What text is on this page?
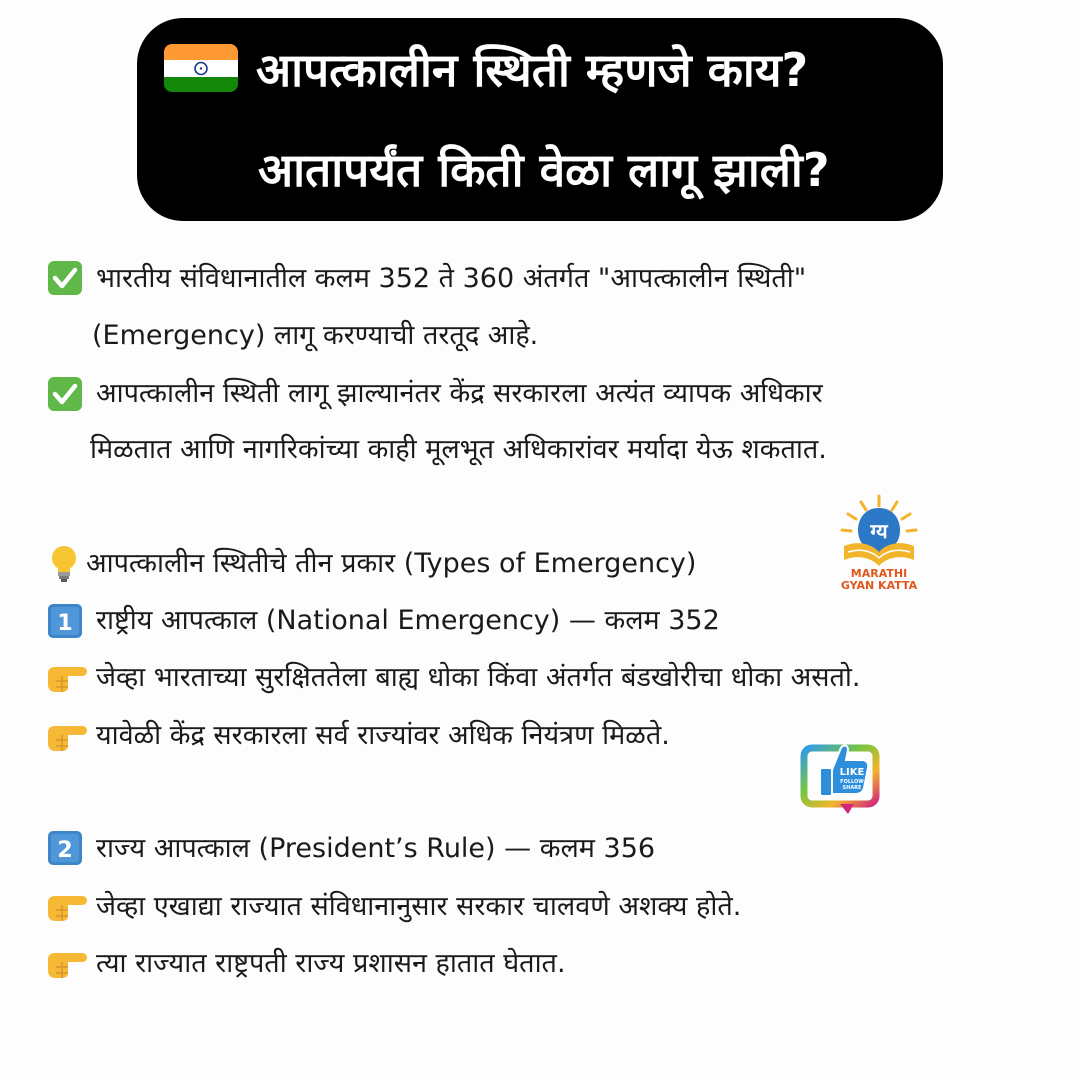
आपत्कालीन स्थिती म्हणजे काय?
आतापर्यंत किती वेळा लागू झाली?
भारतीय संविधानातील कलम 352 ते 360 अंतर्गत "आपत्कालीन स्थिती"
(Emergency) लागू करण्याची तरतूद आहे.
आपत्कालीन स्थिती लागू झाल्यानंतर केंद्र सरकारला अत्यंत व्यापक अधिकार
मिळतात आणि नागरिकांच्या काही मूलभूत अधिकारांवर मर्यादा येऊ शकतात.
आपत्कालीन स्थितीचे तीन प्रकार (Types of Emergency)
ग्य
MARATHI
GYAN KATTA
1 राष्ट्रीय आपत्काल (National Emergency) — कलम 352
जेव्हा भारताच्या सुरक्षिततेला बाह्य धोका किंवा अंतर्गत बंडखोरीचा धोका असतो.
यावेळी केंद्र सरकारला सर्व राज्यांवर अधिक नियंत्रण मिळते.
LIKE
FOLLOW
SHARE
2 राज्य आपत्काल (President’s Rule) — कलम 356
जेव्हा एखाद्या राज्यात संविधानानुसार सरकार चालवणे अशक्य होते.
त्या राज्यात राष्ट्रपती राज्य प्रशासन हातात घेतात.
